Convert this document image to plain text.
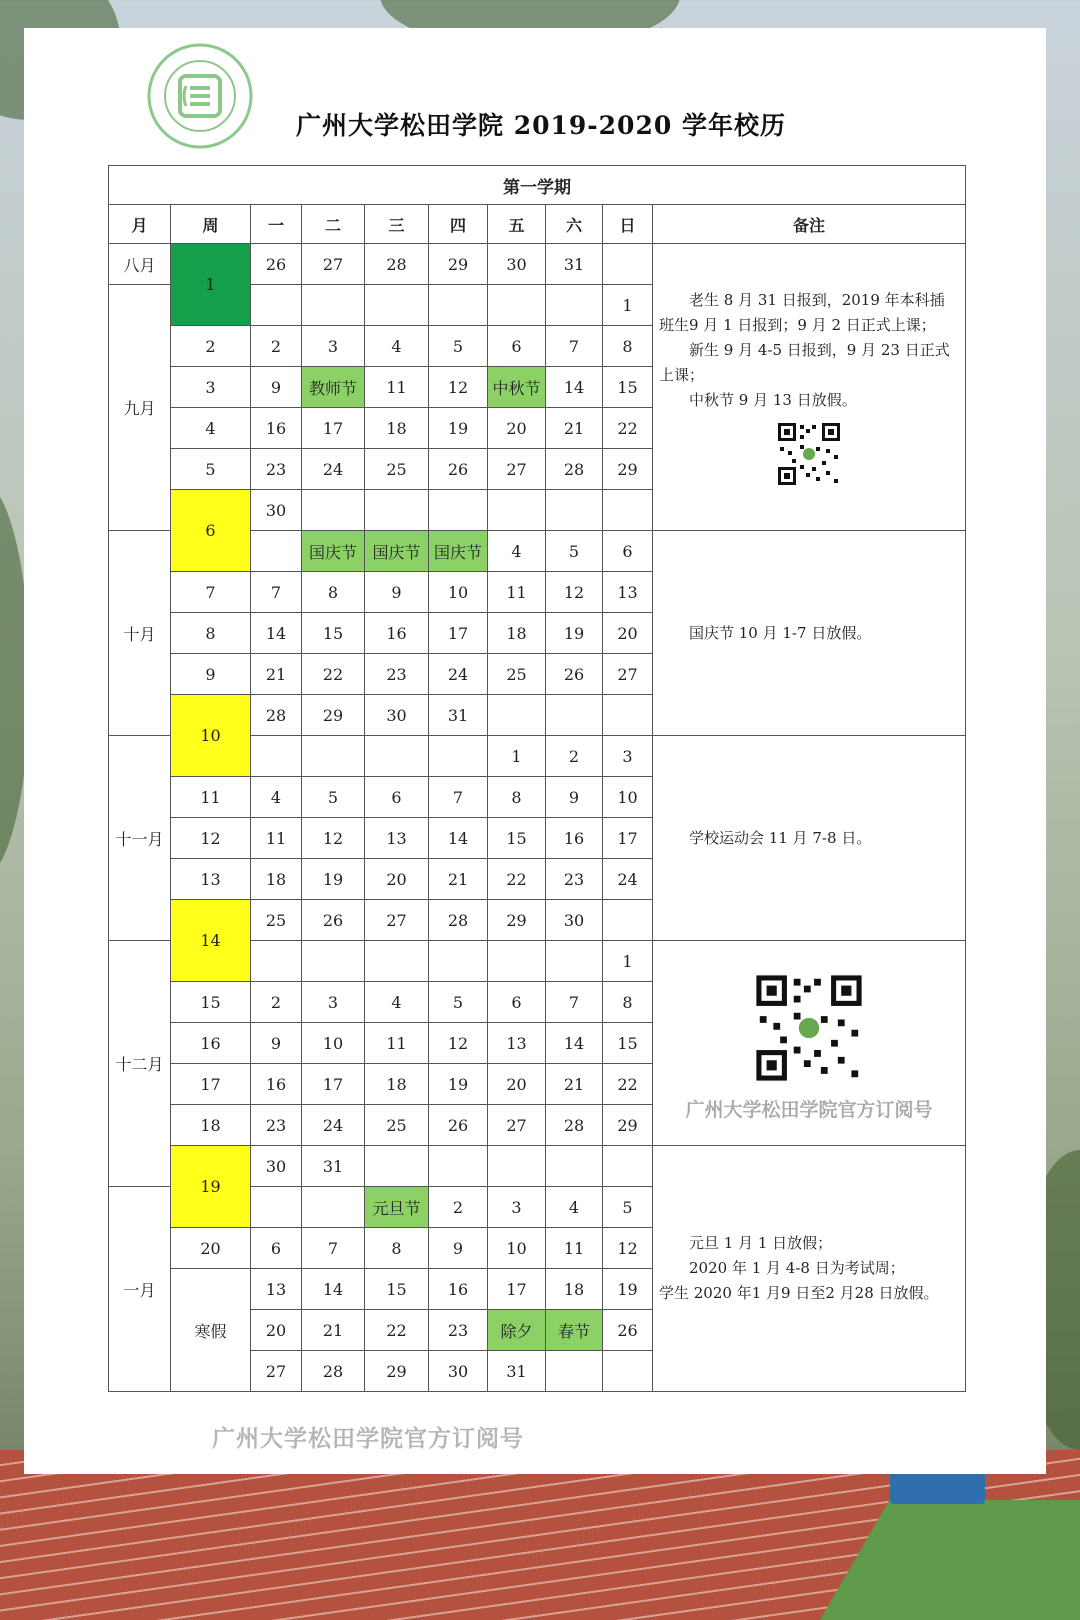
广州大学松田学院 2019-2020 学年校历
第一学期									
月	周	一	二	三	四	五	六	日	备注
八月	1	26	27	28	29	30	31		老生 8 月 31 日报到，2019 年本科插班生9 月 1 日报到；9 月 2 日正式上课；

新生 9 月 4-5 日报到，9 月 23 日正式上课；

中秋节 9 月 13 日放假。

九月								1	
	2	2	3	4	5	6	7	8	
	3	9	教师节	11	12	中秋节	14	15	
	4	16	17	18	19	20	21	22	
	5	23	24	25	26	27	28	29	
	6	30							
十月			国庆节	国庆节	国庆节	4	5	6	国庆节 10 月 1-7 日放假。

	7	7	8	9	10	11	12	13	
	8	14	15	16	17	18	19	20	
	9	21	22	23	24	25	26	27	
	10	28	29	30	31				
十一月						1	2	3	学校运动会 11 月 7-8 日。

	11	4	5	6	7	8	9	10	
	12	11	12	13	14	15	16	17	
	13	18	19	20	21	22	23	24	
	14	25	26	27	28	29	30		
十二月								1	广州大学松田学院官方订阅号

	15	2	3	4	5	6	7	8	
	16	9	10	11	12	13	14	15	
	17	16	17	18	19	20	21	22	
	18	23	24	25	26	27	28	29	
	19	30	31						元旦 1 月 1 日放假；

2020 年 1 月 4-8 日为考试周；

学生 2020 年1 月9 日至2 月28 日放假。

一月				元旦节	2	3	4	5	
	20	6	7	8	9	10	11	12	
	寒假	13	14	15	16	17	18	19	
		20	21	22	23	除夕	春节	26	
		27	28	29	30	31			
广州大学松田学院官方订阅号
